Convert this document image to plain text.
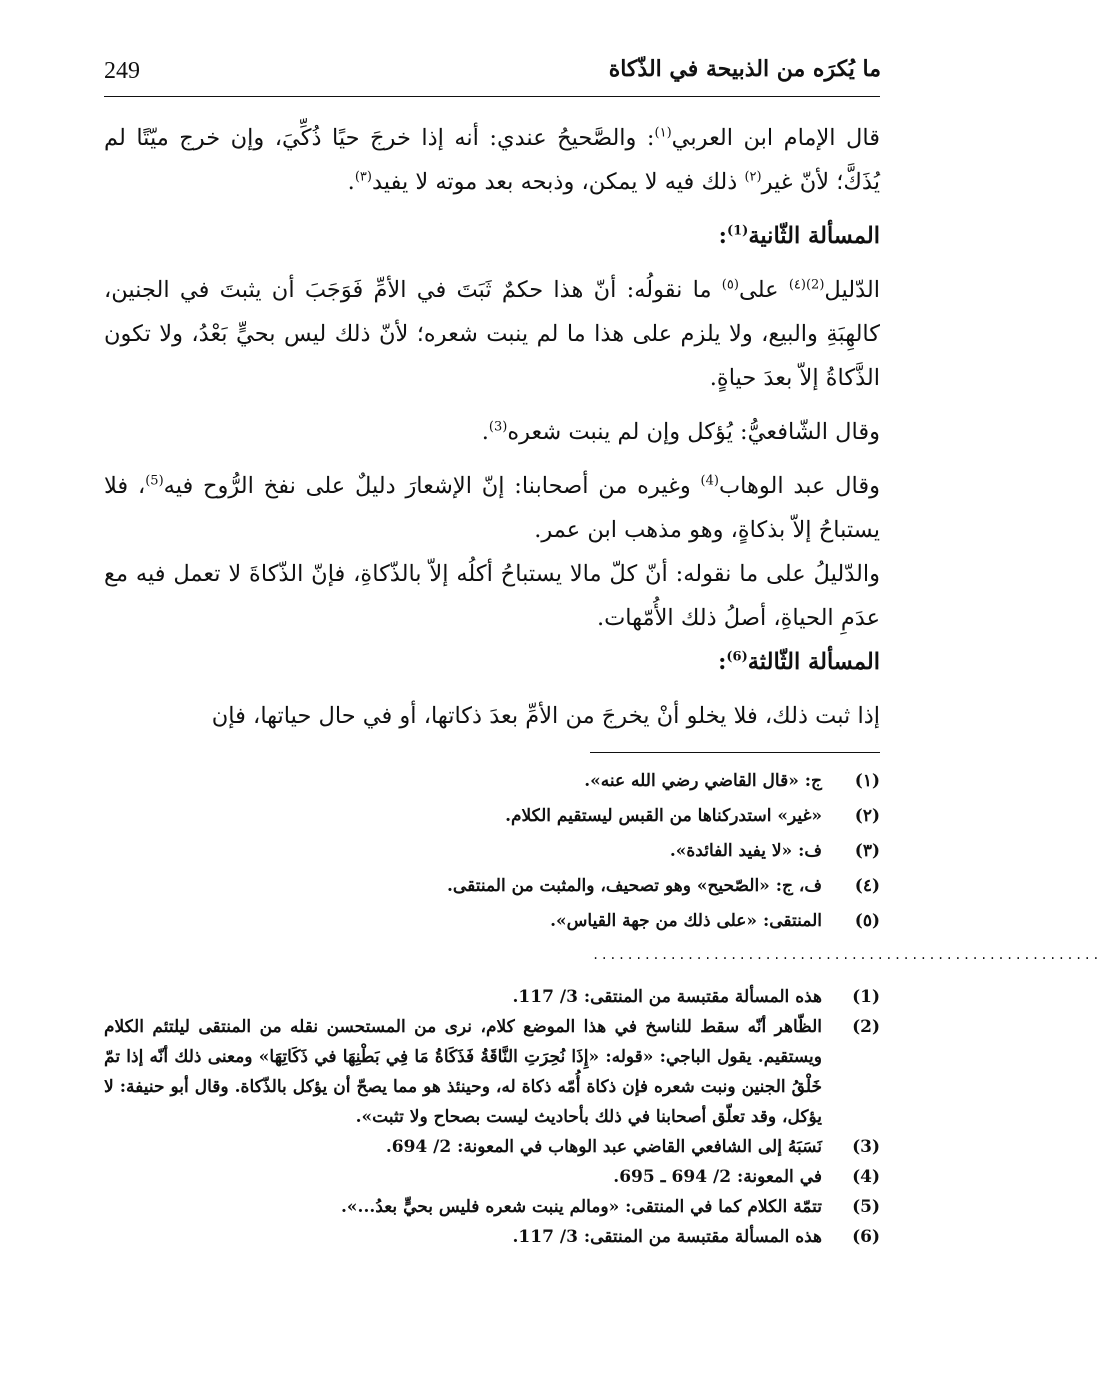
249	ما يُكرَه من الذبيحة في الذّكاة

قال الإمام ابن العربي$^{(١)}$: والصَّحيحُ عندي: أنه إذا خرجَ حيًا ذُكِّيَ، وإن خرج ميّتًا لم يُذَكَّ؛ لأنّ غير$^{(٢)}$ ذلك فيه لا يمكن، وذبحه بعد موته لا يفيد$^{(٣)}$.

المسألة الثّانية$^{(1)}$:

الدّليل$^{(2)(٤)}$ على$^{(٥)}$ ما نقولُه: أنّ هذا حكمٌ ثَبَتَ في الأمِّ فَوَجَبَ أن يثبتَ في الجنين، كالهِبَةِ والبيع، ولا يلزم على هذا ما لم ينبت شعره؛ لأنّ ذلك ليس بحيٍّ بَعْدُ، ولا تكون الذَّكاةُ إلاّ بعدَ حياةٍ.

وقال الشّافعيُّ: يُؤكل وإن لم ينبت شعره$^{(3)}$.

وقال عبد الوهاب$^{(4)}$ وغيره من أصحابنا: إنّ الإشعارَ دليلٌ على نفخ الرُّوح فيه$^{(5)}$، فلا يستباحُ إلاّ بذكاةٍ، وهو مذهب ابن عمر.

والدّليلُ على ما نقوله: أنّ كلّ مالا يستباحُ أكلُه إلاّ بالذّكاةِ، فإنّ الذّكاةَ لا تعمل فيه مع عدَمِ الحياةِ، أصلُ ذلك الأُمّهات.

المسألة الثّالثة$^{(6)}$:

إذا ثبت ذلك، فلا يخلو أنْ يخرجَ من الأمِّ بعدَ ذكاتها، أو في حال حياتها، فإن

(١)
ج: «قال القاضي رضي الله عنه».
(٢)
«غير» استدركناها من القبس ليستقيم الكلام.
(٣)
ف: «لا يفيد الفائدة».
(٤)
ف، ج: «الصّحيح» وهو تصحيف، والمثبت من المنتقى.
(٥)
المنتقى: «على ذلك من جهة القياس».
...........................................................
(1)
هذه المسألة مقتبسة من المنتقى: 3/ 117.
(2)
الظّاهر أنّه سقط للناسخ في هذا الموضع كلام، نرى من المستحسن نقله من المنتقى ليلتئم الكلام ويستقيم. يقول الباجي: «قوله: «إِذَا نُحِرَتِ النَّاقَةُ فَذَكَاةُ مَا فِي بَطْنِهَا في ذَكَاتِهَا» ومعنى ذلك أنّه إذا تمّ خَلْقُ الجنين ونبت شعره فإن ذكاة أُمّه ذكاة له، وحينئذ هو مما يصحّ أن يؤكل بالذّكاة. وقال أبو حنيفة: لا يؤكل، وقد تعلّق أصحابنا في ذلك بأحاديث ليست بصحاح ولا تثبت».
(3)
نَسَبَهُ إلى الشافعي القاضي عبد الوهاب في المعونة: 2/ 694.
(4)
في المعونة: 2/ 694 ـ 695.
(5)
تتمّة الكلام كما في المنتقى: «ومالم ينبت شعره فليس بحيٍّ بعدُ...».
(6)
هذه المسألة مقتبسة من المنتقى: 3/ 117.
